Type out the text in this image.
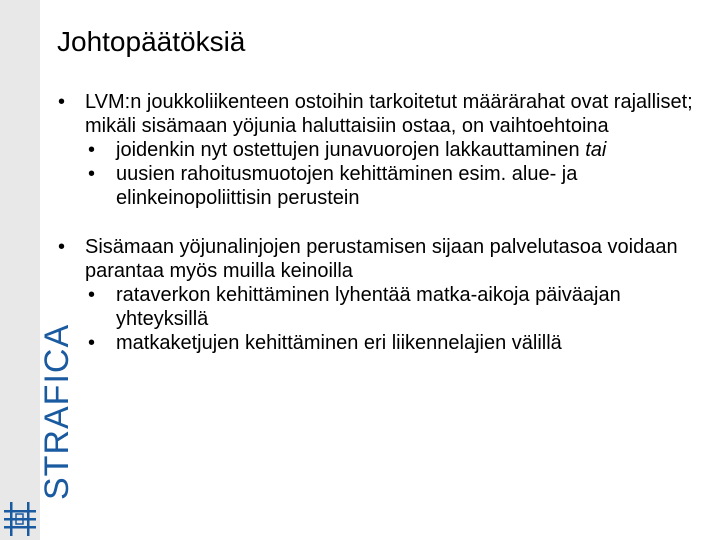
STRAFICA
Johtopäätöksiä
• LVM:n joukkoliikenteen ostoihin tarkoitetut määrärahat ovat rajalliset; mikäli sisämaan yöjunia haluttaisiin ostaa, on vaihtoehtoina
• joidenkin nyt ostettujen junavuorojen lakkauttaminen tai
• uusien rahoitusmuotojen kehittäminen esim. alue- ja elinkeinopoliittisin perustein
• Sisämaan yöjunalinjojen perustamisen sijaan palvelutasoa voidaan parantaa myös muilla keinoilla
• rataverkon kehittäminen lyhentää matka-aikoja päiväajan yhteyksillä
• matkaketjujen kehittäminen eri liikennelajien välillä
